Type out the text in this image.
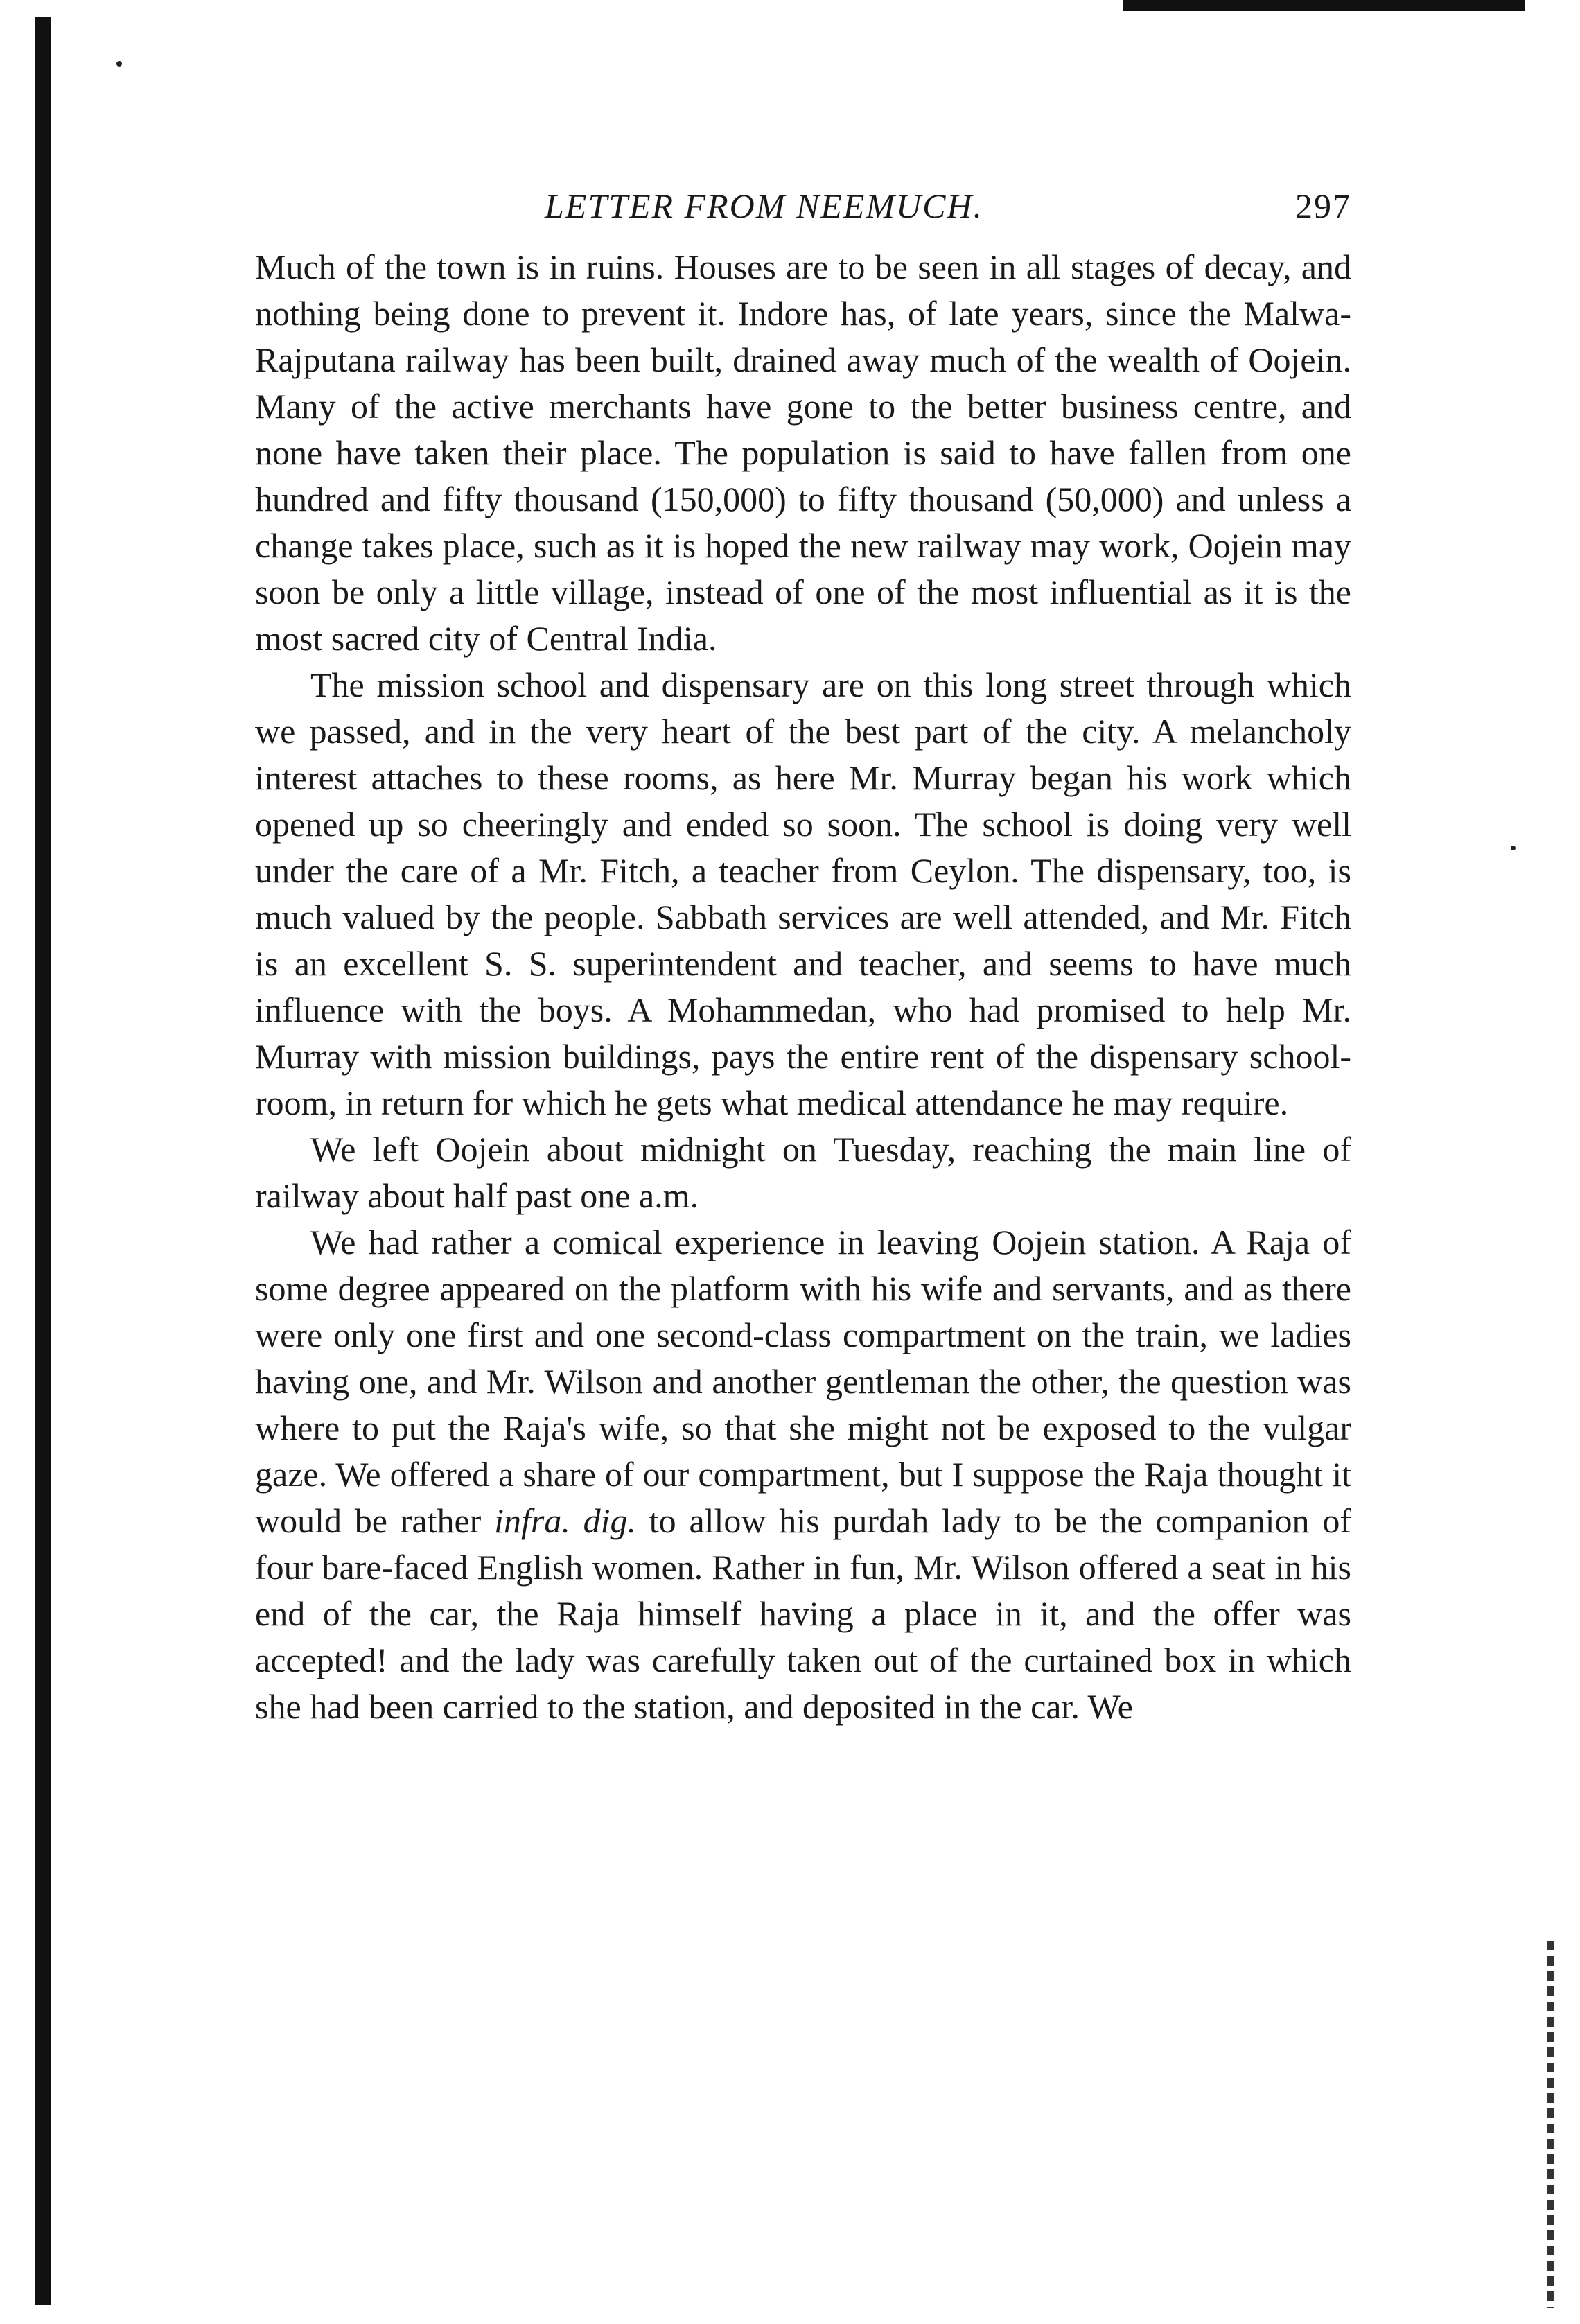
LETTER FROM NEEMUCH.	297

Much of the town is in ruins. Houses are to be seen in all stages of decay, and nothing being done to prevent it. Indore has, of late years, since the Malwa-Rajputana railway has been built, drained away much of the wealth of Oojein. Many of the active merchants have gone to the better business centre, and none have taken their place. The population is said to have fallen from one hundred and fifty thousand (150,000) to fifty thousand (50,000) and unless a change takes place, such as it is hoped the new railway may work, Oojein may soon be only a little village, instead of one of the most influential as it is the most sacred city of Central India.

The mission school and dispensary are on this long street through which we passed, and in the very heart of the best part of the city. A melancholy interest attaches to these rooms, as here Mr. Murray began his work which opened up so cheeringly and ended so soon. The school is doing very well under the care of a Mr. Fitch, a teacher from Ceylon. The dispensary, too, is much valued by the people. Sabbath services are well attended, and Mr. Fitch is an excellent S. S. superintendent and teacher, and seems to have much influence with the boys. A Mohammedan, who had promised to help Mr. Murray with mission buildings, pays the entire rent of the dispensary school-room, in return for which he gets what medical attendance he may require.

We left Oojein about midnight on Tuesday, reaching the main line of railway about half past one a.m.

We had rather a comical experience in leaving Oojein station. A Raja of some degree appeared on the platform with his wife and servants, and as there were only one first and one second-class compartment on the train, we ladies having one, and Mr. Wilson and another gentleman the other, the question was where to put the Raja's wife, so that she might not be exposed to the vulgar gaze. We offered a share of our compartment, but I suppose the Raja thought it would be rather infra. dig. to allow his purdah lady to be the companion of four bare-faced English women. Rather in fun, Mr. Wilson offered a seat in his end of the car, the Raja himself having a place in it, and the offer was accepted! and the lady was carefully taken out of the curtained box in which she had been carried to the station, and deposited in the car. We
